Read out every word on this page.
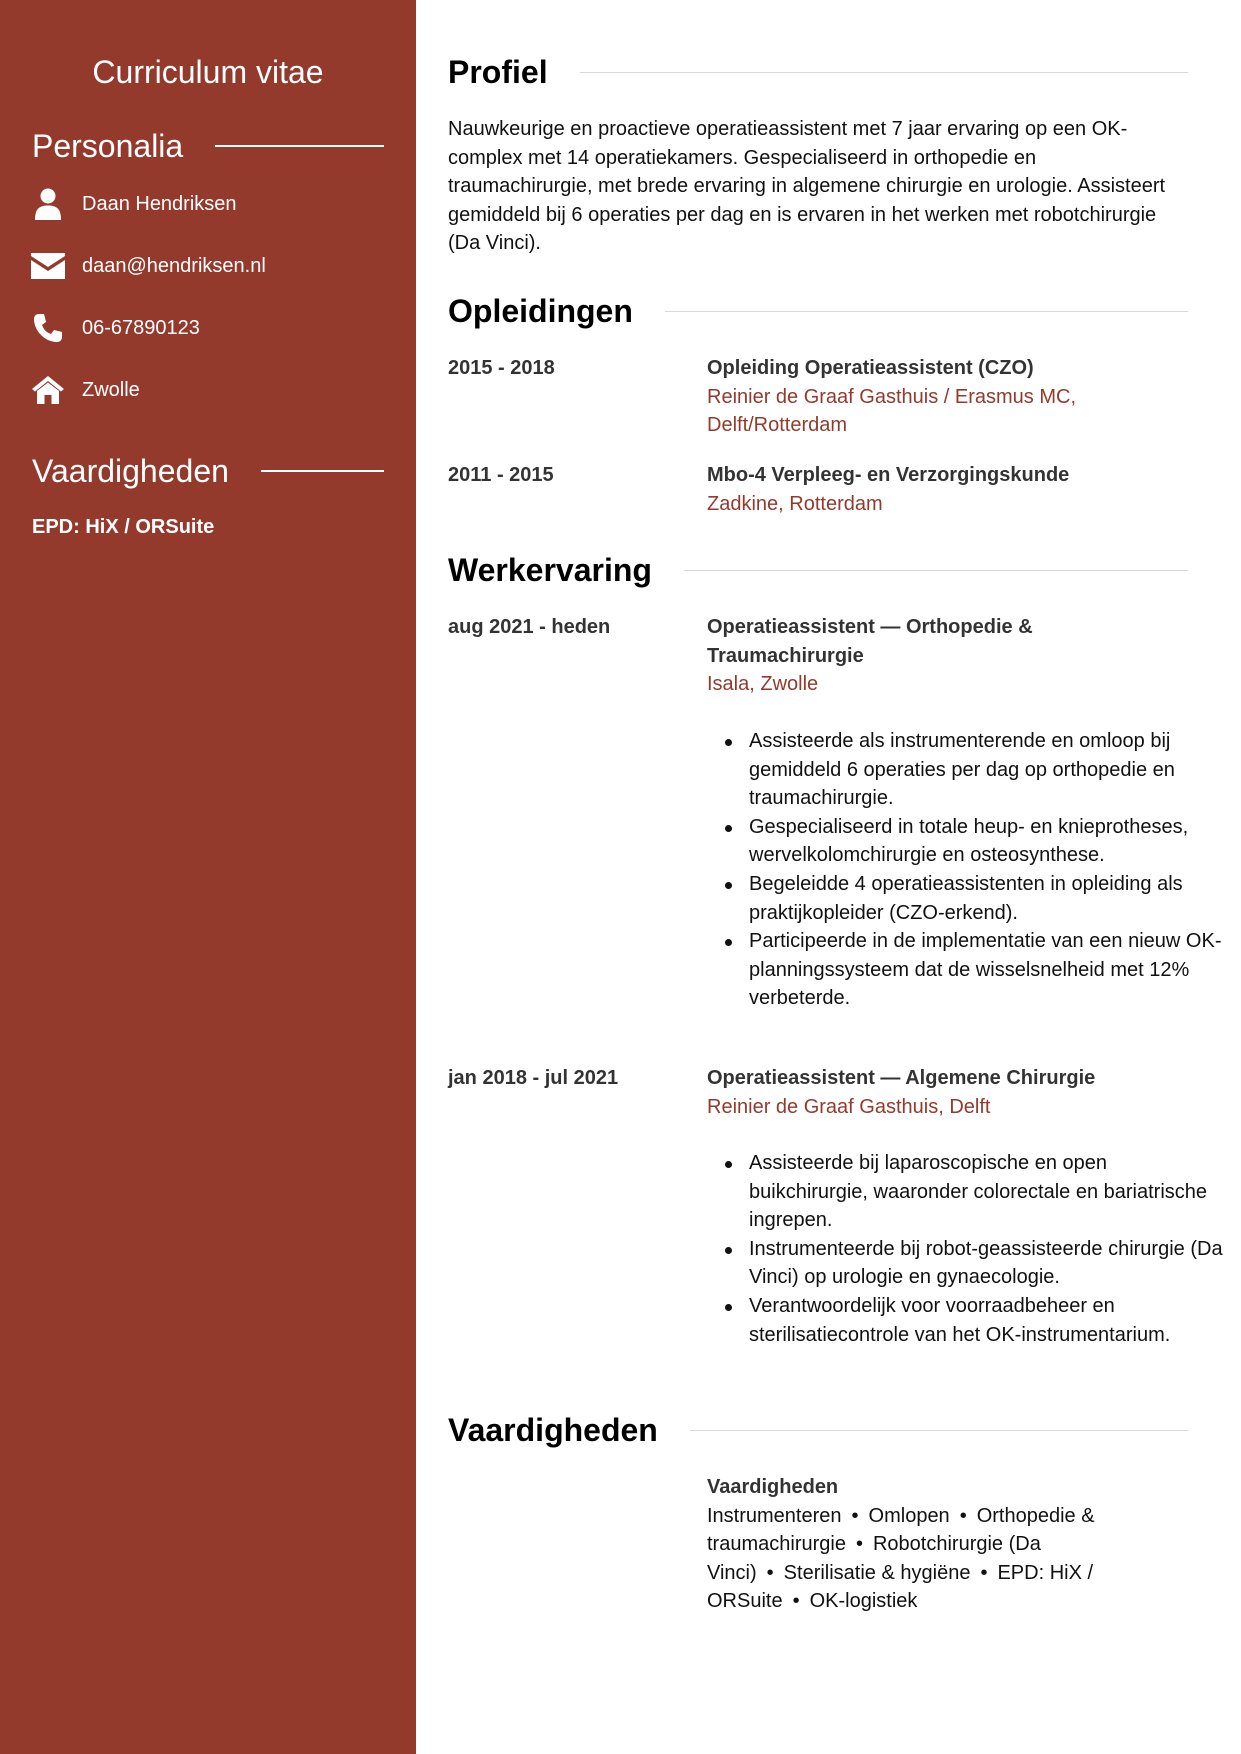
Curriculum vitae
Personalia
Daan Hendriksen
daan@hendriksen.nl
06-67890123
Zwolle
Vaardigheden
EPD: HiX / ORSuite
Profiel
Nauwkeurige en proactieve operatieassistent met 7 jaar ervaring op een OK-complex met 14 operatiekamers. Gespecialiseerd in orthopedie en traumachirurgie, met brede ervaring in algemene chirurgie en urologie. Assisteert gemiddeld bij 6 operaties per dag en is ervaren in het werken met robotchirurgie (Da Vinci).
Opleidingen
2015 - 2018	Opleiding Operatieassistent (CZO)
Reinier de Graaf Gasthuis / Erasmus MC, Delft/Rotterdam
2011 - 2015	Mbo-4 Verpleeg- en Verzorgingskunde
Zadkine, Rotterdam
Werkervaring
aug 2021 - heden	Operatieassistent — Orthopedie & Traumachirurgie
Isala, Zwolle
Assisteerde als instrumenterende en omloop bij gemiddeld 6 operaties per dag op orthopedie en traumachirurgie.
Gespecialiseerd in totale heup- en knieprotheses, wervelkolomchirurgie en osteosynthese.
Begeleidde 4 operatieassistenten in opleiding als praktijkopleider (CZO-erkend).
Participeerde in de implementatie van een nieuw OK-planningssysteem dat de wisselsnelheid met 12% verbeterde.
jan 2018 - jul 2021	Operatieassistent — Algemene Chirurgie
Reinier de Graaf Gasthuis, Delft
Assisteerde bij laparoscopische en open buikchirurgie, waaronder colorectale en bariatrische ingrepen.
Instrumenteerde bij robot-geassisteerde chirurgie (Da Vinci) op urologie en gynaecologie.
Verantwoordelijk voor voorraadbeheer en sterilisatiecontrole van het OK-instrumentarium.
Vaardigheden
Vaardigheden
Instrumenteren • Omlopen • Orthopedie & traumachirurgie • Robotchirurgie (Da Vinci) • Sterilisatie & hygiëne • EPD: HiX / ORSuite • OK-logistiek
